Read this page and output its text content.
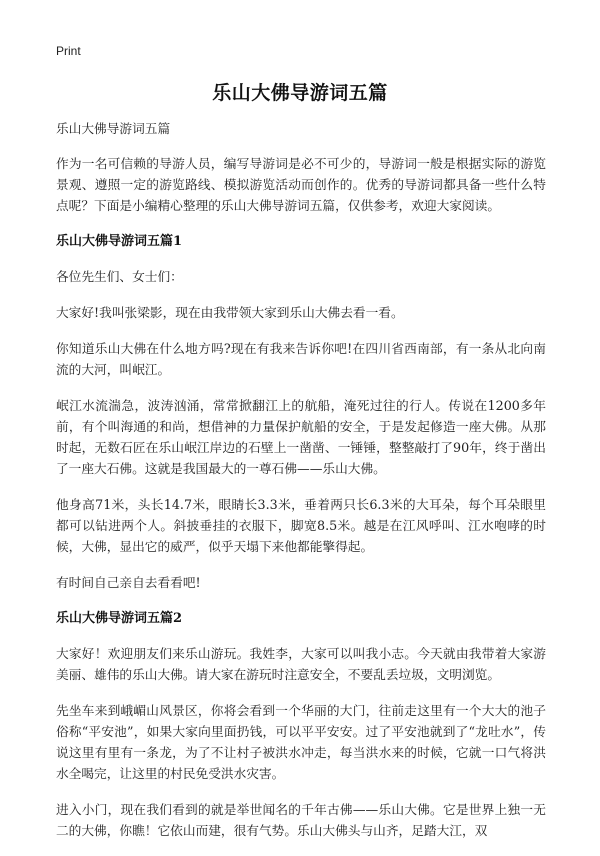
Print
乐山大佛导游词五篇

乐山大佛导游词五篇

作为一名可信赖的导游人员，编写导游词是必不可少的，导游词一般是根据实际的游览景观、遵照一定的游览路线、模拟游览活动而创作的。优秀的导游词都具备一些什么特点呢？下面是小编精心整理的乐山大佛导游词五篇，仅供参考，欢迎大家阅读。

乐山大佛导游词五篇1

各位先生们、女士们：

大家好!我叫张梁影，现在由我带领大家到乐山大佛去看一看。

你知道乐山大佛在什么地方吗?现在有我来告诉你吧!在四川省西南部，有一条从北向南流的大河，叫岷江。

岷江水流湍急，波涛汹涌，常常掀翻江上的航船，淹死过往的行人。传说在1200多年前，有个叫海通的和尚，想借神的力量保护航船的安全，于是发起修造一座大佛。从那时起，无数石匠在乐山岷江岸边的石壁上一凿凿、一锤锤，整整敲打了90年，终于凿出了一座大石佛。这就是我国最大的一尊石佛——乐山大佛。

他身高71米，头长14.7米，眼睛长3.3米，垂着两只长6.3米的大耳朵，每个耳朵眼里都可以钻进两个人。斜披垂挂的衣服下，脚宽8.5米。越是在江风呼叫、江水咆哮的时候，大佛，显出它的威严，似乎天塌下来他都能擎得起。

有时间自己亲自去看看吧!

乐山大佛导游词五篇2

大家好！欢迎朋友们来乐山游玩。我姓李，大家可以叫我小志。今天就由我带着大家游美丽、雄伟的乐山大佛。请大家在游玩时注意安全，不要乱丢垃圾，文明浏览。

先坐车来到峨嵋山风景区，你将会看到一个华丽的大门，往前走这里有一个大大的池子俗称“平安池”，如果大家向里面扔钱，可以平平安安。过了平安池就到了“龙吐水”，传说这里有里有一条龙，为了不让村子被洪水冲走，每当洪水来的时候，它就一口气将洪水全喝完，让这里的村民免受洪水灾害。

进入小门，现在我们看到的就是举世闻名的千年古佛——乐山大佛。它是世界上独一无二的大佛，你瞧！它依山而建，很有气势。乐山大佛头与山齐，足踏大江，双
